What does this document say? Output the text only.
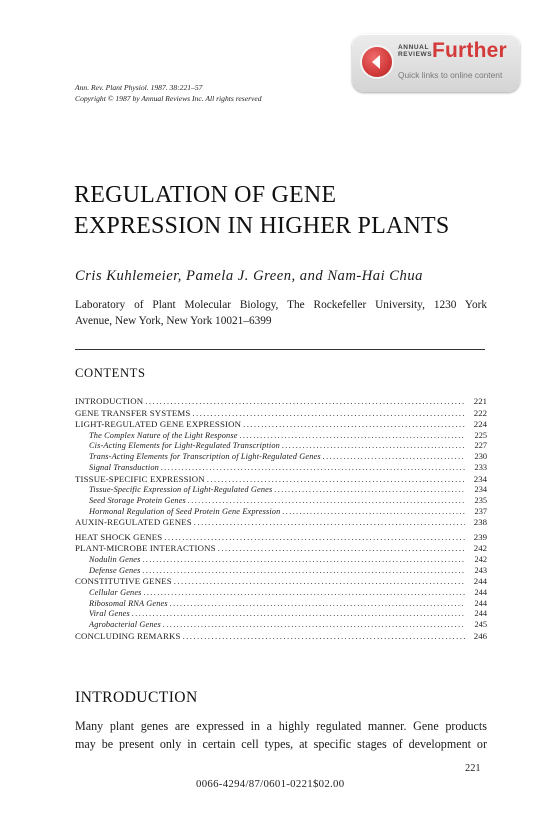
ANNUAL
REVIEWS Further
Quick links to online content
Ann. Rev. Plant Physiol. 1987. 38:221–57
Copyright © 1987 by Annual Reviews Inc. All rights reserved
REGULATION OF GENE
EXPRESSION IN HIGHER PLANTS
Cris Kuhlemeier, Pamela J. Green, and Nam-Hai Chua
Laboratory of Plant Molecular Biology, The Rockefeller University, 1230 York
Avenue, New York, New York 10021–6399
CONTENTS
INTRODUCTION .....	221
GENE TRANSFER SYSTEMS .....	222
LIGHT-REGULATED GENE EXPRESSION .....	224
The Complex Nature of the Light Response .....	225
Cis-Acting Elements for Light-Regulated Transcription .....	227
Trans-Acting Elements for Transcription of Light-Regulated Genes .....	230
Signal Transduction .....	233
TISSUE-SPECIFIC EXPRESSION .....	234
Tissue-Specific Expression of Light-Regulated Genes .....	234
Seed Storage Protein Genes .....	235
Hormonal Regulation of Seed Protein Gene Expression .....	237
AUXIN-REGULATED GENES .....	238
HEAT SHOCK GENES .....	239
PLANT-MICROBE INTERACTIONS .....	242
Nodulin Genes .....	242
Defense Genes .....	243
CONSTITUTIVE GENES .....	244
Cellular Genes .....	244
Ribosomal RNA Genes .....	244
Viral Genes .....	244
Agrobacterial Genes .....	245
CONCLUDING REMARKS .....	246
INTRODUCTION

Many plant genes are expressed in a highly regulated manner. Gene products
may be present only in certain cell types, at specific stages of development or

221
0066-4294/87/0601-0221$02.00
